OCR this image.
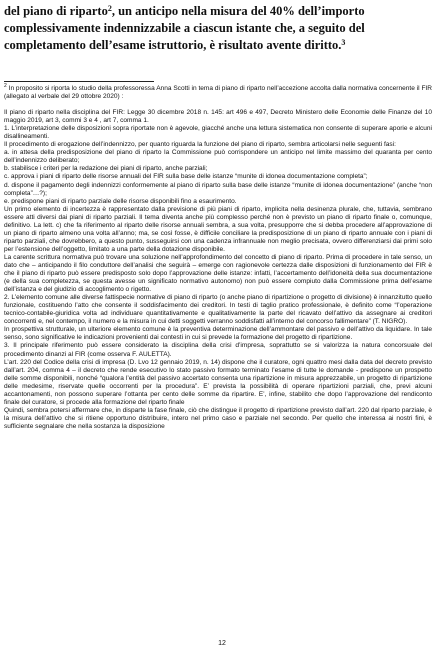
del piano di riparto$^2$, un anticipo nella misura del 40% dell’importo complessivamente indennizzabile a ciascun istante che, a seguito del completamento dell’esame istruttorio, è risultato avente diritto.$^3$

$^2$ In proposito si riporta lo studio della professoressa Anna Scotti in tema di piano di riparto nell’accezione accolta dalla normativa concernente il FIR (allegato al verbale del 29 ottobre 2020) :

Il piano di riparto nella disciplina del FIR: Legge 30 dicembre 2018 n. 145: art 496 e 497, Decreto Ministero delle Economie delle Finanze del 10 maggio 2019, art 3, commi 3 e 4 , art 7, comma 1.

1. L’interpretazione delle disposizioni sopra riportate non è agevole, giacché anche una lettura sistematica non consente di superare aporie e alcuni disallineamenti.

Il procedimento di erogazione dell’indennizzo, per quanto riguarda la funzione del piano di riparto, sembra articolarsi nelle seguenti fasi:

a. in attesa della predisposizione del piano di riparto la Commissione può corrispondere un anticipo nel limite massimo del quaranta per cento dell’indennizzo deliberato;

b. stabilisce i criteri per la redazione dei piani di riparto, anche parziali;

c. approva i piani di riparto delle risorse annuali del FIR sulla base delle istanze “munite di idonea documentazione completa”;

d. dispone il pagamento degli indennizzi conformemente al piano di riparto sulla base delle istanze “munite di idonea documentazione” (anche “non completa”…?);

e. predispone piani di riparto parziale delle risorse disponibili fino a esaurimento.

Un primo elemento di incertezza è rappresentato dalla previsione di più piani di riparto, implicita nella desinenza plurale, che, tuttavia, sembrano essere atti diversi dai piani di riparto parziali. Il tema diventa anche più complesso perché non è previsto un piano di riparto finale o, comunque, definitivo. La lett. c) che fa riferimento al riparto delle risorse annuali sembra, a sua volta, presupporre che si debba procedere all’approvazione di un piano di riparto almeno una volta all’anno; ma, se così fosse, è difficile conciliare la predisposizione di un piano di riparto annuale con i piani di riparto parziali, che dovrebbero, a questo punto, susseguirsi con una cadenza infrannuale non meglio precisata, ovvero differenziarsi dai primi solo per l’estensione dell’oggetto, limitato a una parte della dotazione disponibile.

La carente scrittura normativa può trovare una soluzione nell’approfondimento del concetto di piano di riparto. Prima di procedere in tale senso, un dato che – anticipando il filo conduttore dell’analisi che seguirà – emerge con ragionevole certezza dalle disposizioni di funzionamento del FIR è che il piano di riparto può essere predisposto solo dopo l’approvazione delle istanze: infatti, l’accertamento dell’idoneità della sua documentazione (e della sua completezza, se questa avesse un significato normativo autonomo) non può essere compiuto dalla Commissione prima dell’esame dell’istanza e del giudizio di accoglimento o rigetto.

2. L’elemento comune alle diverse fattispecie normative di piano di riparto (o anche piano di ripartizione o progetto di divisione) è innanzitutto quello funzionale, costituendo l’atto che consente il soddisfacimento dei creditori. In testi di taglio pratico professionale, è definito come “l’operazione tecnico-contabile-giuridica volta ad individuare quantitativamente e qualitativamente la parte del ricavato dell’attivo da assegnare ai creditori concorrenti e, nel contempo, il numero e la misura in cui detti soggetti verranno soddisfatti all’interno del concorso fallimentare” (T. NIGRO).

In prospettiva strutturale, un ulteriore elemento comune è la preventiva determinazione dell’ammontare del passivo e dell’attivo da liquidare. In tale senso, sono significative le indicazioni provenienti dai contesti in cui si prevede la formazione del progetto di ripartizione.

3. Il principale riferimento può essere considerato la disciplina della crisi d’impresa, soprattutto se si valorizza la natura concorsuale del procedimento dinanzi al FIR (come osserva F. AULETTA).

L’art. 220 del Codice della crisi di impresa (D. Lvo 12 gennaio 2019, n. 14) dispone che il curatore, ogni quattro mesi dalla data del decreto previsto dall’art. 204, comma 4 – il decreto che rende esecutivo lo stato passivo formato terminato l’esame di tutte le domande - predispone un prospetto delle somme disponibili, nonché “qualora l’entità del passivo accertato consenta una ripartizione in misura apprezzabile, un progetto di ripartizione delle medesime, riservate quelle occorrenti per la procedura”. E’ prevista la possibilità di operare ripartizioni parziali, che, previ alcuni accantonamenti, non possono superare l’ottanta per cento delle somme da ripartire. E’, infine, stabilito che dopo l’approvazione del rendiconto finale del curatore, si procede alla formazione del riparto finale

Quindi, sembra potersi affermare che, in disparte la fase finale, ciò che distingue il progetto di ripartizione previsto dall’art. 220 dal riparto parziale, è la misura dell’attivo che si ritiene opportuno distribuire, intero nel primo caso e parziale nel secondo. Per quello che interessa ai nostri fini, è sufficiente segnalare che nella sostanza la disposizione

12
